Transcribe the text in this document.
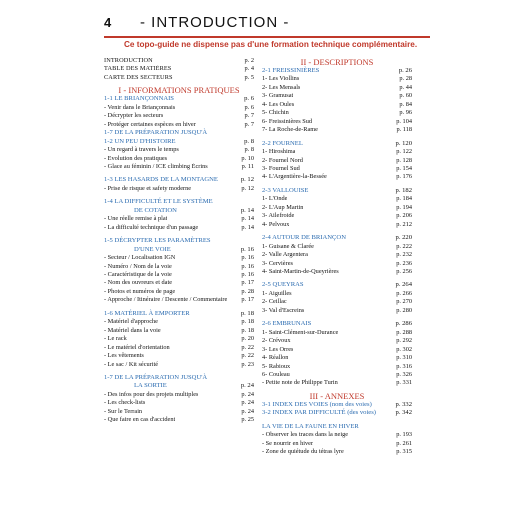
4 - INTRODUCTION -
Ce topo-guide ne dispense pas d'une formation technique complémentaire.
INTRODUCTION	p. 2
TABLE DES MATIÈRES	p. 4
CARTE DES SECTEURS	p. 5
I - INFORMATIONS PRATIQUES
1-1 LE BRIANÇONNAIS	p. 6
- Venir dans le Briançonnais	p. 6
- Décrypter les secteurs	p. 7
- Protéger certaines espèces en hiver	p. 7
1-7 DE LA PRÉPARATION JUSQU'À
1-2 UN PEU D'HISTOIRE	p. 8
- Un regard à travers le temps	p. 8
- Evolution des pratiques	p. 10
- Glace au féminin / ICE climbing Écrins	p. 11
1-3 LES HASARDS DE LA MONTAGNE	p. 12
- Prise de risque et safety moderne	p. 12
1-4 LA DIFFICULTÉ ET LE SYSTÈME
DE COTATION	p. 14
- Une réelle remise à plat	p. 14
- La difficulté technique d'un passage	p. 14
1-5 DÉCRYPTER LES PARAMÈTRES
D'UNE VOIE	p. 16
- Secteur / Localisation IGN	p. 16
- Numéro / Nom de la voie	p. 16
- Caractéristique de la voie	p. 16
- Nom des ouvreurs et date	p. 17
- Photos et numéros de page	p. 28
- Approche / Itinéraire / Descente / Commentaire	p. 17
1-6 MATÉRIEL À EMPORTER	p. 18
- Matériel d'approche	p. 18
- Matériel dans la voie	p. 18
- Le rack	p. 20
- Le matériel d'orientation	p. 22
- Les vêtements	p. 22
- Le sac / Kit sécurité	p. 23
1-7 DE LA PRÉPARATION JUSQU'À
LA SORTIE	p. 24
- Des infos pour des projets multiples	p. 24
- Les check-lists	p. 24
- Sur le Terrain	p. 24
- Que faire en cas d'accident	p. 25
II - DESCRIPTIONS
2-1 FREISSINIÈRES	p. 26
1- Les Viollins	p. 28
2- Les Mensals	p. 44
3- Gramusat	p. 60
4- Les Oules	p. 84
5- Chichin	p. 96
6- Freissinières Sud	p. 104
7- La Roche-de-Rame	p. 118
2-2 FOURNEL	p. 120
1- Hiroshima	p. 122
2- Fournel Nord	p. 128
3- Fournel Sud	p. 154
4- L'Argentière-la-Bessée	p. 176
2-3 VALLOUISE	p. 182
1- L'Onde	p. 184
2- L'Aup Martin	p. 194
3- Ailefroide	p. 206
4- Pelvoux	p. 212
2-4 AUTOUR DE BRIANÇON	p. 220
1- Guisane & Clarée	p. 222
2- Valle Argentera	p. 232
3- Cervières	p. 236
4- Saint-Martin-de-Queyrières	p. 256
2-5 QUEYRAS	p. 264
1- Aiguilles	p. 266
2- Ceillac	p. 270
3- Val d'Escreins	p. 280
2-6 EMBRUNAIS	p. 286
1- Saint-Clément-sur-Durance	p. 288
2- Crévoux	p. 292
3- Les Orres	p. 302
4- Réallon	p. 310
5- Rabioux	p. 316
6- Couleau	p. 326
- Petite note de Philippe Turin	p. 331
III - ANNEXES
3-1 INDEX DES VOIES (nom des voies)	p. 332
3-2 INDEX PAR DIFFICULTÉ (des voies)	p. 342
LA VIE DE LA FAUNE EN HIVER
- Observer les traces dans la neige	p. 193
- Se nourrir en hiver	p. 261
- Zone de quiétude du tétras lyre	p. 315
